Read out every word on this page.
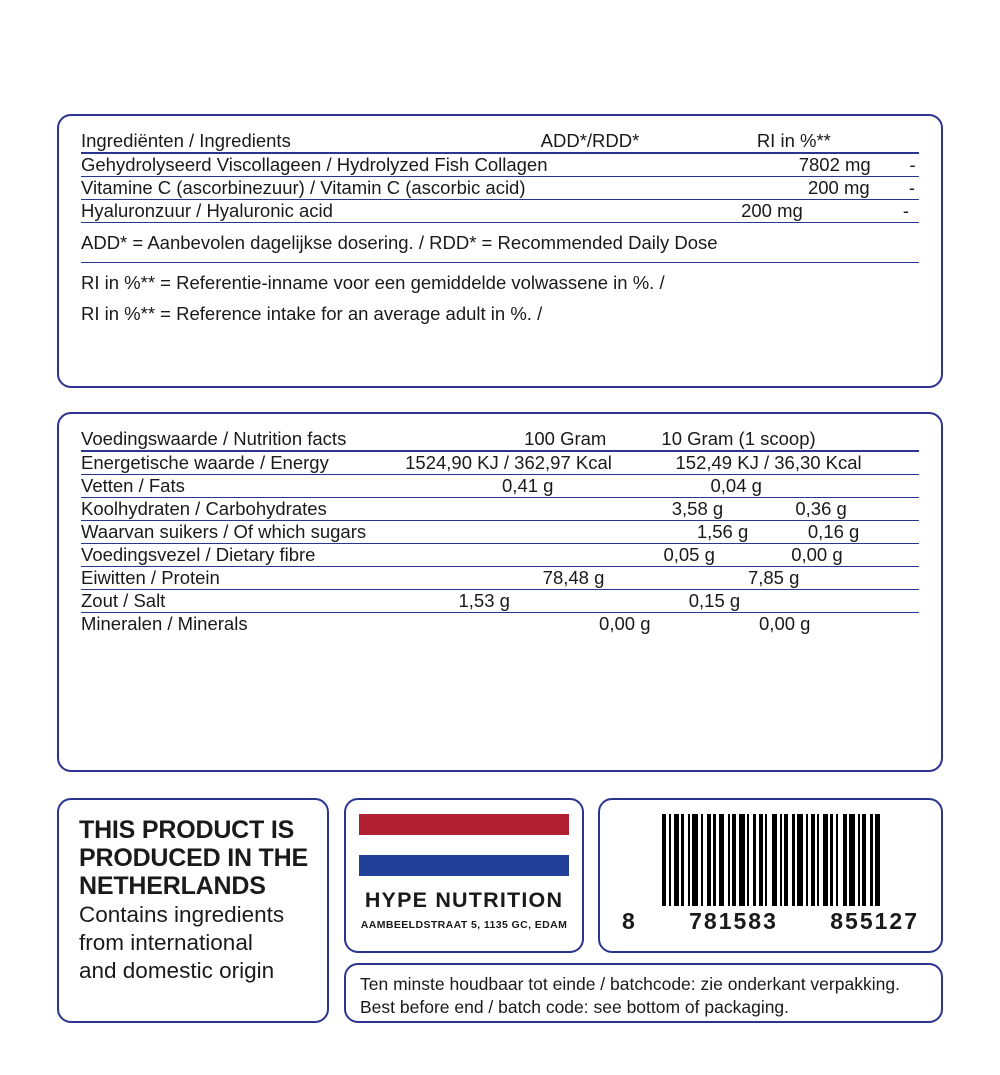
Ingrediënten / Ingredients	ADD*/RDD*	RI in %**
Gehydrolyseerd Viscollageen / Hydrolyzed Fish Collagen	7802 mg	-
Vitamine C (ascorbinezuur) / Vitamin C (ascorbic acid)	200 mg	-
Hyaluronzuur / Hyaluronic acid	200 mg	-
ADD* = Aanbevolen dagelijkse dosering. / RDD* = Recommended Daily Dose
RI in %** = Referentie-inname voor een gemiddelde volwassene in %. /
RI in %** = Reference intake for an average adult in %. /
Voedingswaarde / Nutrition facts	100 Gram	10 Gram (1 scoop)
Energetische waarde / Energy	1524,90 KJ / 362,97 Kcal	152,49 KJ / 36,30 Kcal
Vetten / Fats	0,41 g	0,04 g
Koolhydraten / Carbohydrates	3,58 g	0,36 g
Waarvan suikers / Of which sugars	1,56 g	0,16 g
Voedingsvezel / Dietary fibre	0,05 g	0,00 g
Eiwitten / Protein	78,48 g	7,85 g
Zout / Salt	1,53 g	0,15 g
Mineralen / Minerals	0,00 g	0,00 g
THIS PRODUCT IS
PRODUCED IN THE
NETHERLANDS
Contains ingredients
from international
and domestic origin
HYPE NUTRITION
AAMBEELDSTRAAT 5, 1135 GC, EDAM 8 781583 855127
Ten minste houdbaar tot einde / batchcode: zie onderkant verpakking.
Best before end / batch code: see bottom of packaging.
